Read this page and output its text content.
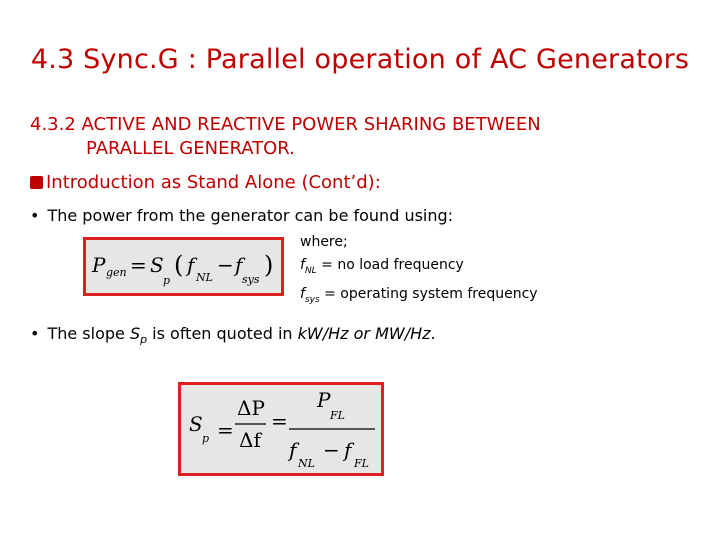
4.3 Sync.G : Parallel operation of AC Generators
4.3.2 ACTIVE AND REACTIVE POWER SHARING BETWEEN
PARALLEL GENERATOR.
Introduction as Stand Alone (Cont’d):
• The power from the generator can be found using:
P gen = S
p
( f
NL
− f
sys
)
where;
$f_{NL}$ = no load frequency
$f_{sys}$ = operating system frequency
• The slope $S_p$ is often quoted in kW/Hz or MW/Hz.
S
p =
ΔP
Δf
=
P
FL
f
NL
− f
FL
